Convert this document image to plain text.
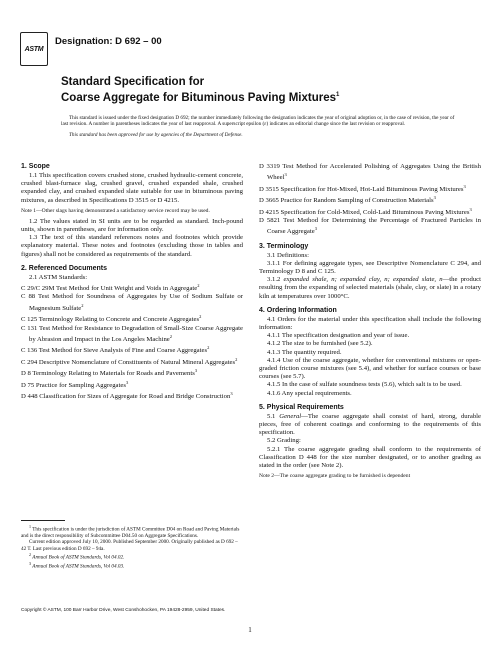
ASTM
Designation: D 692 – 00
Standard Specification for
Coarse Aggregate for Bituminous Paving Mixtures$^1$

This standard is issued under the fixed designation D 692; the number immediately following the designation indicates the year of original adoption or, in the case of revision, the year of last revision. A number in parentheses indicates the year of last reapproval. A superscript epsilon (ε) indicates an editorial change since the last revision or reapproval.

This standard has been approved for use by agencies of the Department of Defense.

1. Scope

1.1 This specification covers crushed stone, crushed hydraulic-cement concrete, crushed blast-furnace slag, crushed gravel, crushed expanded shale, crushed expanded clay, and crushed expanded slate suitable for use in bituminous paving mixtures, as described in Specifications D 3515 or D 4215.

Note 1—Other slags having demonstrated a satisfactory service record may be used.

1.2 The values stated in SI units are to be regarded as standard. Inch-pound units, shown in parentheses, are for information only.

1.3 The text of this standard references notes and footnotes which provide explanatory material. These notes and footnotes (excluding those in tables and figures) shall not be considered as requirements of the standard.

2. Referenced Documents

2.1 ASTM Standards:

C 29/C 29M Test Method for Unit Weight and Voids in Aggregate$^2$

C 88 Test Method for Soundness of Aggregates by Use of Sodium Sulfate or Magnesium Sulfate$^2$

C 125 Terminology Relating to Concrete and Concrete Aggregates$^2$

C 131 Test Method for Resistance to Degradation of Small-Size Coarse Aggregate by Abrasion and Impact in the Los Angeles Machine$^2$

C 136 Test Method for Sieve Analysis of Fine and Coarse Aggregates$^2$

C 294 Descriptive Nomenclature of Constituents of Natural Mineral Aggregates$^2$

D 8 Terminology Relating to Materials for Roads and Pavements$^3$

D 75 Practice for Sampling Aggregates$^3$

D 448 Classification for Sizes of Aggregate for Road and Bridge Construction$^3$

$^1$ This specification is under the jurisdiction of ASTM Committee D04 on Road and Paving Materials and is the direct responsibility of Subcommittee D04.50 on Aggregate Specifications.

Current edition approved July 10, 2000. Published September 2000. Originally published as D 692 – 42 T. Last previous edition D 692 – 94a.

$^2$ Annual Book of ASTM Standards, Vol 04.02.

$^3$ Annual Book of ASTM Standards, Vol 04.03.

D 3319 Test Method for Accelerated Polishing of Aggregates Using the British Wheel$^3$

D 3515 Specification for Hot-Mixed, Hot-Laid Bituminous Paving Mixtures$^3$

D 3665 Practice for Random Sampling of Construction Materials$^3$

D 4215 Specification for Cold-Mixed, Cold-Laid Bituminous Paving Mixtures$^3$

D 5821 Test Method for Determining the Percentage of Fractured Particles in Coarse Aggregate$^3$

3. Terminology

3.1 Definitions:

3.1.1 For defining aggregate types, see Descriptive Nomenclature C 294, and Terminology D 8 and C 125.

3.1.2 expanded shale, n; expanded clay, n; expanded slate, n—the product resulting from the expanding of selected materials (shale, clay, or slate) in a rotary kiln at temperatures over 1000°C.

4. Ordering Information

4.1 Orders for the material under this specification shall include the following information:

4.1.1 The specification designation and year of issue.

4.1.2 The size to be furnished (see 5.2).

4.1.3 The quantity required.

4.1.4 Use of the coarse aggregate, whether for conventional mixtures or open-graded friction course mixtures (see 5.4), and whether for surface courses or base courses (see 5.7).

4.1.5 In the case of sulfate soundness tests (5.6), which salt is to be used.

4.1.6 Any special requirements.

5. Physical Requirements

5.1 General—The coarse aggregate shall consist of hard, strong, durable pieces, free of coherent coatings and conforming to the requirements of this specification.

5.2 Grading:

5.2.1 The coarse aggregate grading shall conform to the requirements of Classification D 448 for the size number designated, or to another grading as stated in the order (see Note 2).

Note 2—The coarse aggregate grading to be furnished is dependent

Copyright © ASTM, 100 Barr Harbor Drive, West Conshohocken, PA 19428-2959, United States.
1
